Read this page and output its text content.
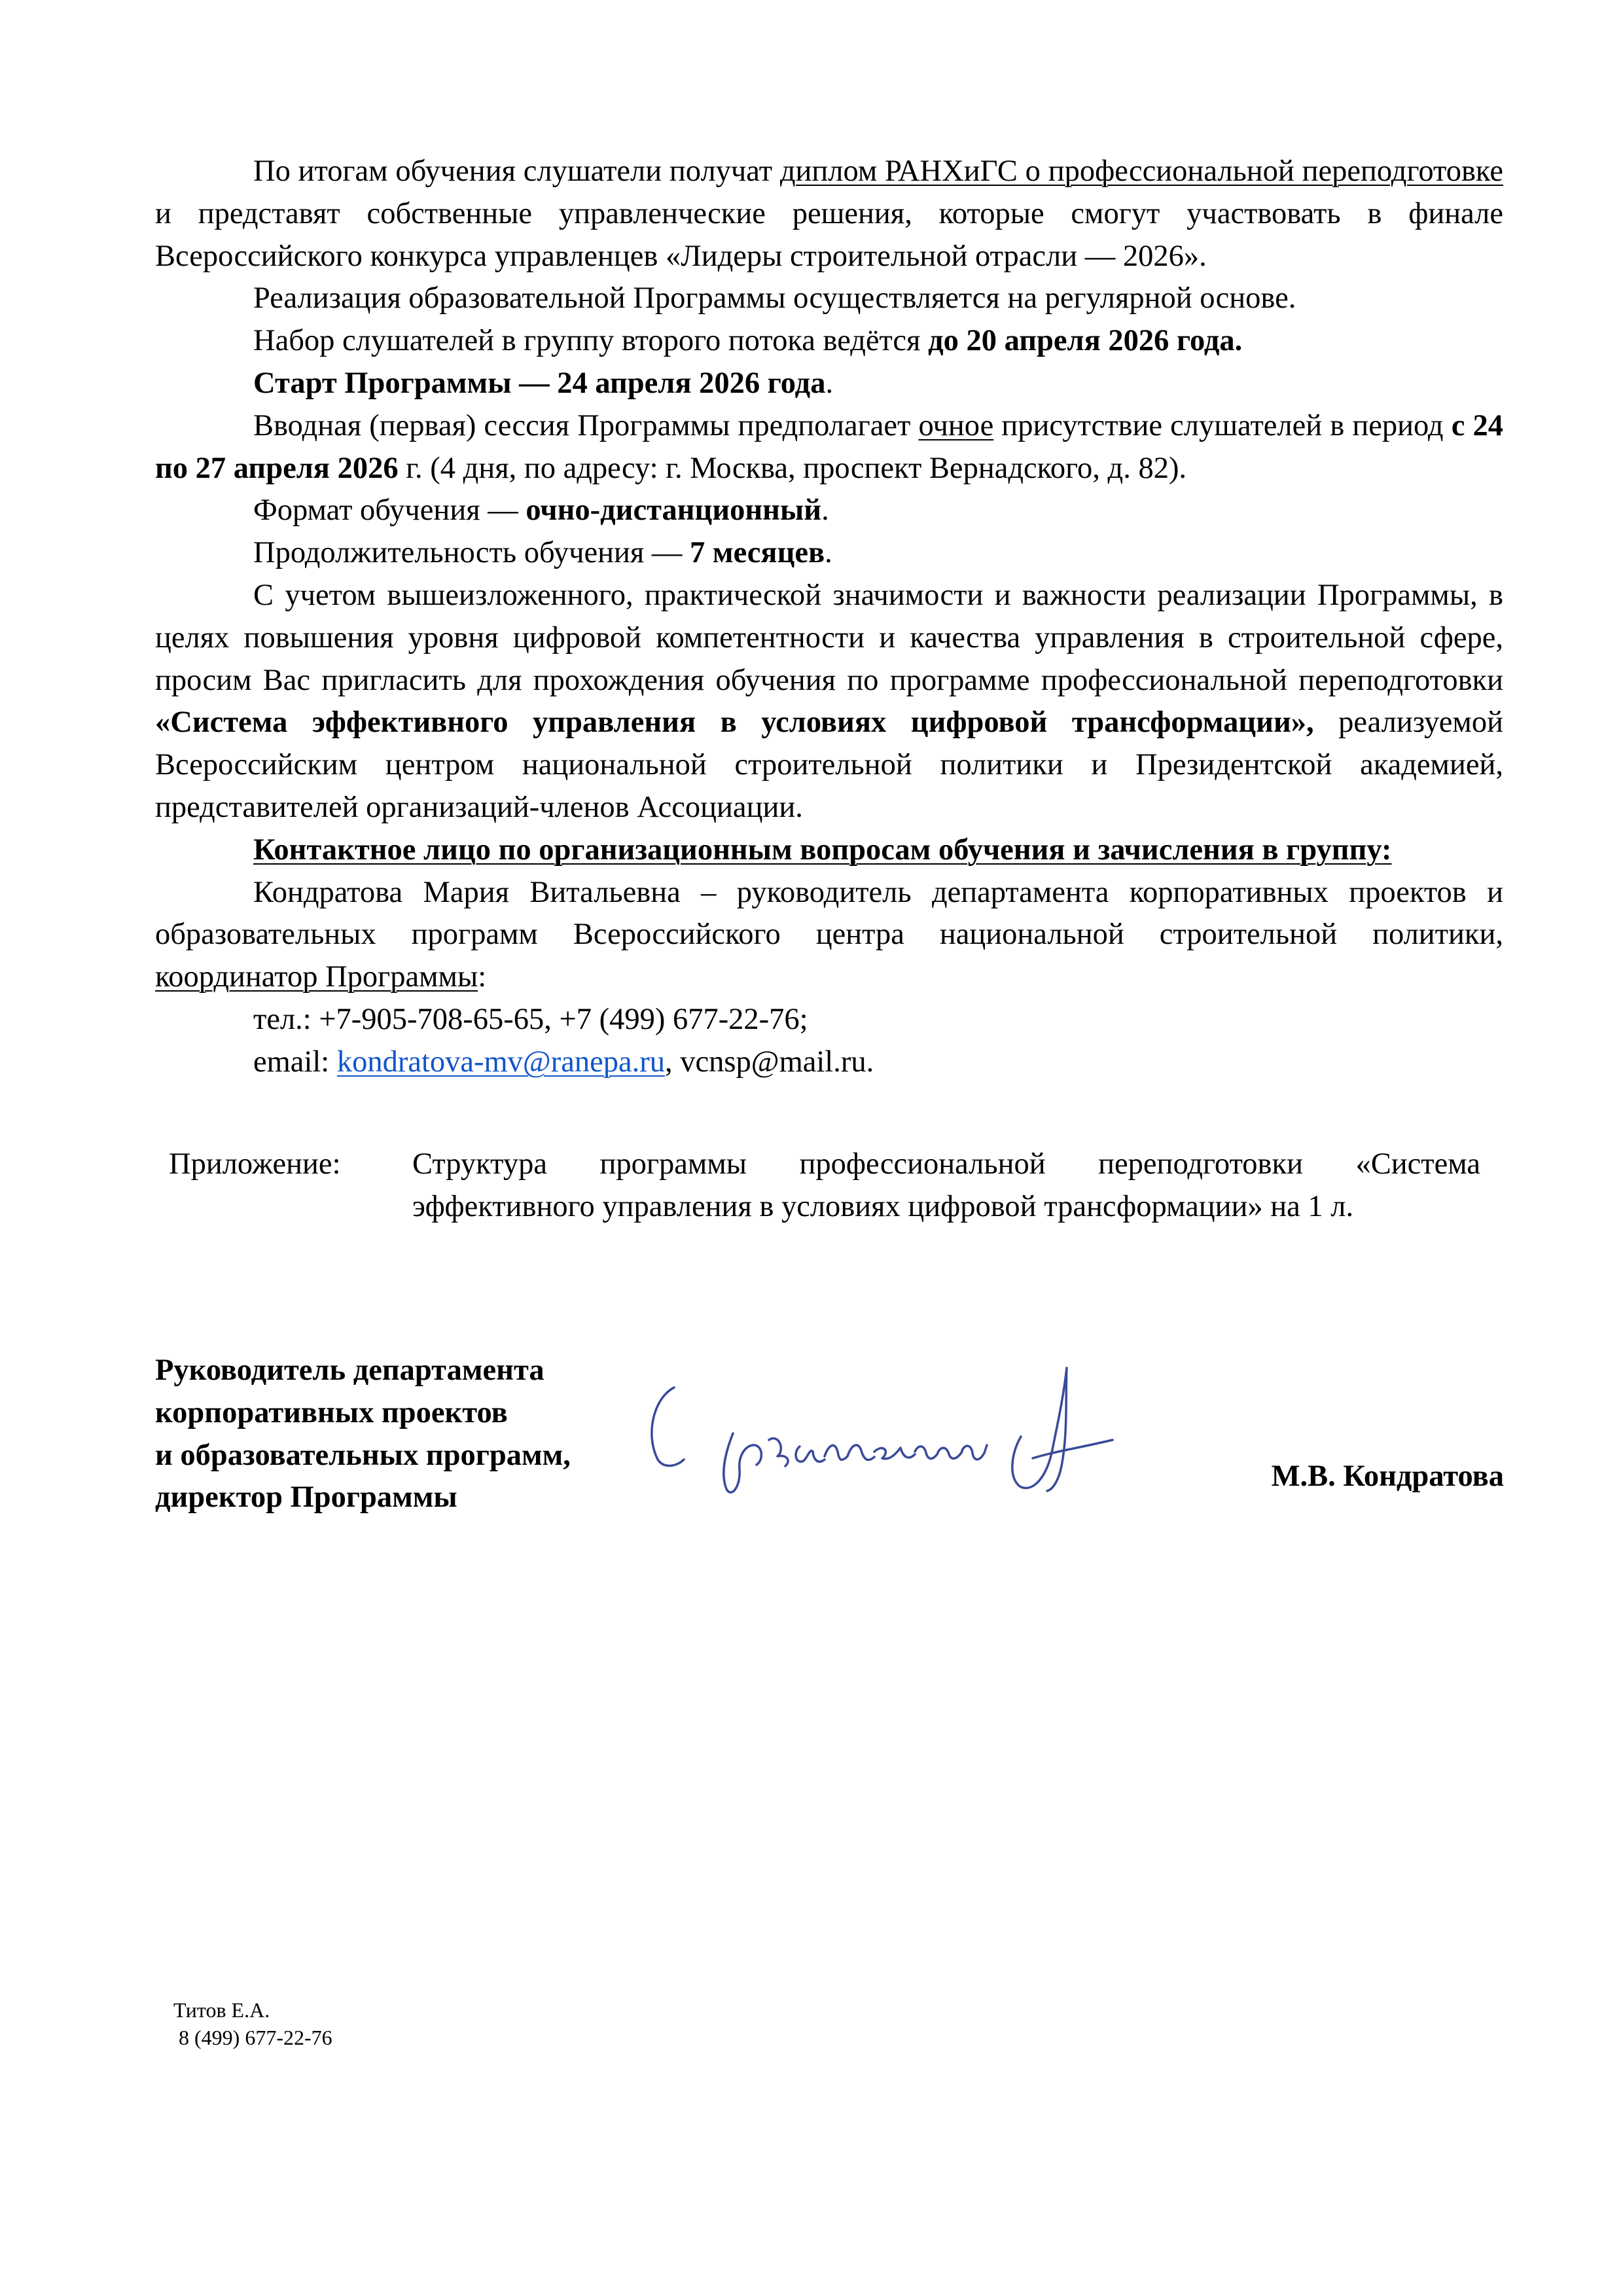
По итогам обучения слушатели получат диплом РАНХиГС о профессиональной переподготовке и представят собственные управленческие решения, которые смогут участвовать в финале Всероссийского конкурса управленцев «Лидеры строительной отрасли — 2026».

Реализация образовательной Программы осуществляется на регулярной основе.

Набор слушателей в группу второго потока ведётся до 20 апреля 2026 года.

Старт Программы — 24 апреля 2026 года.

Вводная (первая) сессия Программы предполагает очное присутствие слушателей в период с 24 по 27 апреля 2026 г. (4 дня, по адресу: г. Москва, проспект Вернадского, д. 82).

Формат обучения — очно-дистанционный.

Продолжительность обучения — 7 месяцев.

С учетом вышеизложенного, практической значимости и важности реализации Программы, в целях повышения уровня цифровой компетентности и качества управления в строительной сфере, просим Вас пригласить для прохождения обучения по программе профессиональной переподготовки «Система эффективного управления в условиях цифровой трансформации», реализуемой Всероссийским центром национальной строительной политики и Президентской академией, представителей организаций-членов Ассоциации.

Контактное лицо по организационным вопросам обучения и зачисления в группу:

Кондратова Мария Витальевна – руководитель департамента корпоративных проектов и образовательных программ Всероссийского центра национальной строительной политики, координатор Программы:

тел.: +7-905-708-65-65, +7 (499) 677-22-76;

email: kondratova-mv@ranepa.ru, vcnsp@mail.ru.

Приложение: Структура программы профессиональной переподготовки «Система эффективного управления в условиях цифровой трансформации» на 1 л.
Руководитель департамента
корпоративных проектов
и образовательных программ,
директор Программы
М.В. Кондратова
Титов Е.А.
8 (499) 677-22-76
